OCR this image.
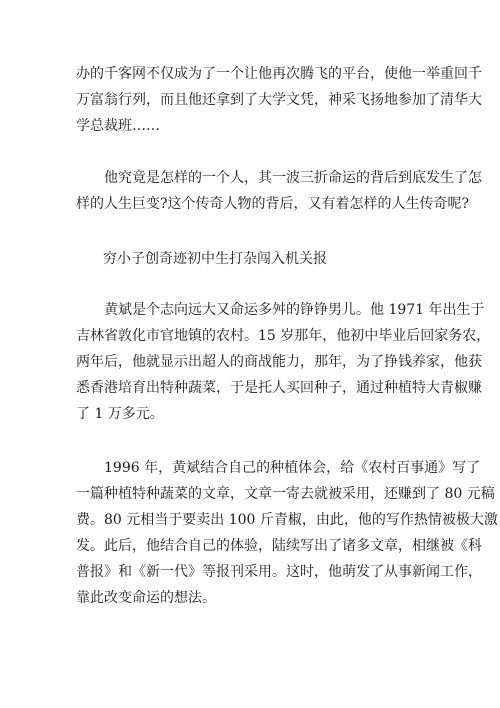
办的千客网不仅成为了一个让他再次腾飞的平台，使他一举重回千
万富翁行列，而且他还拿到了大学文凭，神采飞扬地参加了清华大
学总裁班……
　　他究竟是怎样的一个人，其一波三折命运的背后到底发生了怎
样的人生巨变?这个传奇人物的背后，又有着怎样的人生传奇呢?

穷小子创奇迹初中生打杂闯入机关报

　　黄斌是个志向远大又命运多舛的铮铮男儿。他 1971 年出生于
吉林省敦化市官地镇的农村。15 岁那年，他初中毕业后回家务农，
两年后，他就显示出超人的商战能力，那年，为了挣钱养家，他获
悉香港培育出特种蔬菜，于是托人买回种子，通过种植特大青椒赚
了 1 万多元。
　　1996 年，黄斌结合自己的种植体会，给《农村百事通》写了
一篇种植特种蔬菜的文章，文章一寄去就被采用，还赚到了 80 元稿
费。80 元相当于要卖出 100 斤青椒，由此，他的写作热情被极大激
发。此后，他结合自己的体验，陆续写出了诸多文章，相继被《科
普报》和《新一代》等报刊采用。这时，他萌发了从事新闻工作，
靠此改变命运的想法。
